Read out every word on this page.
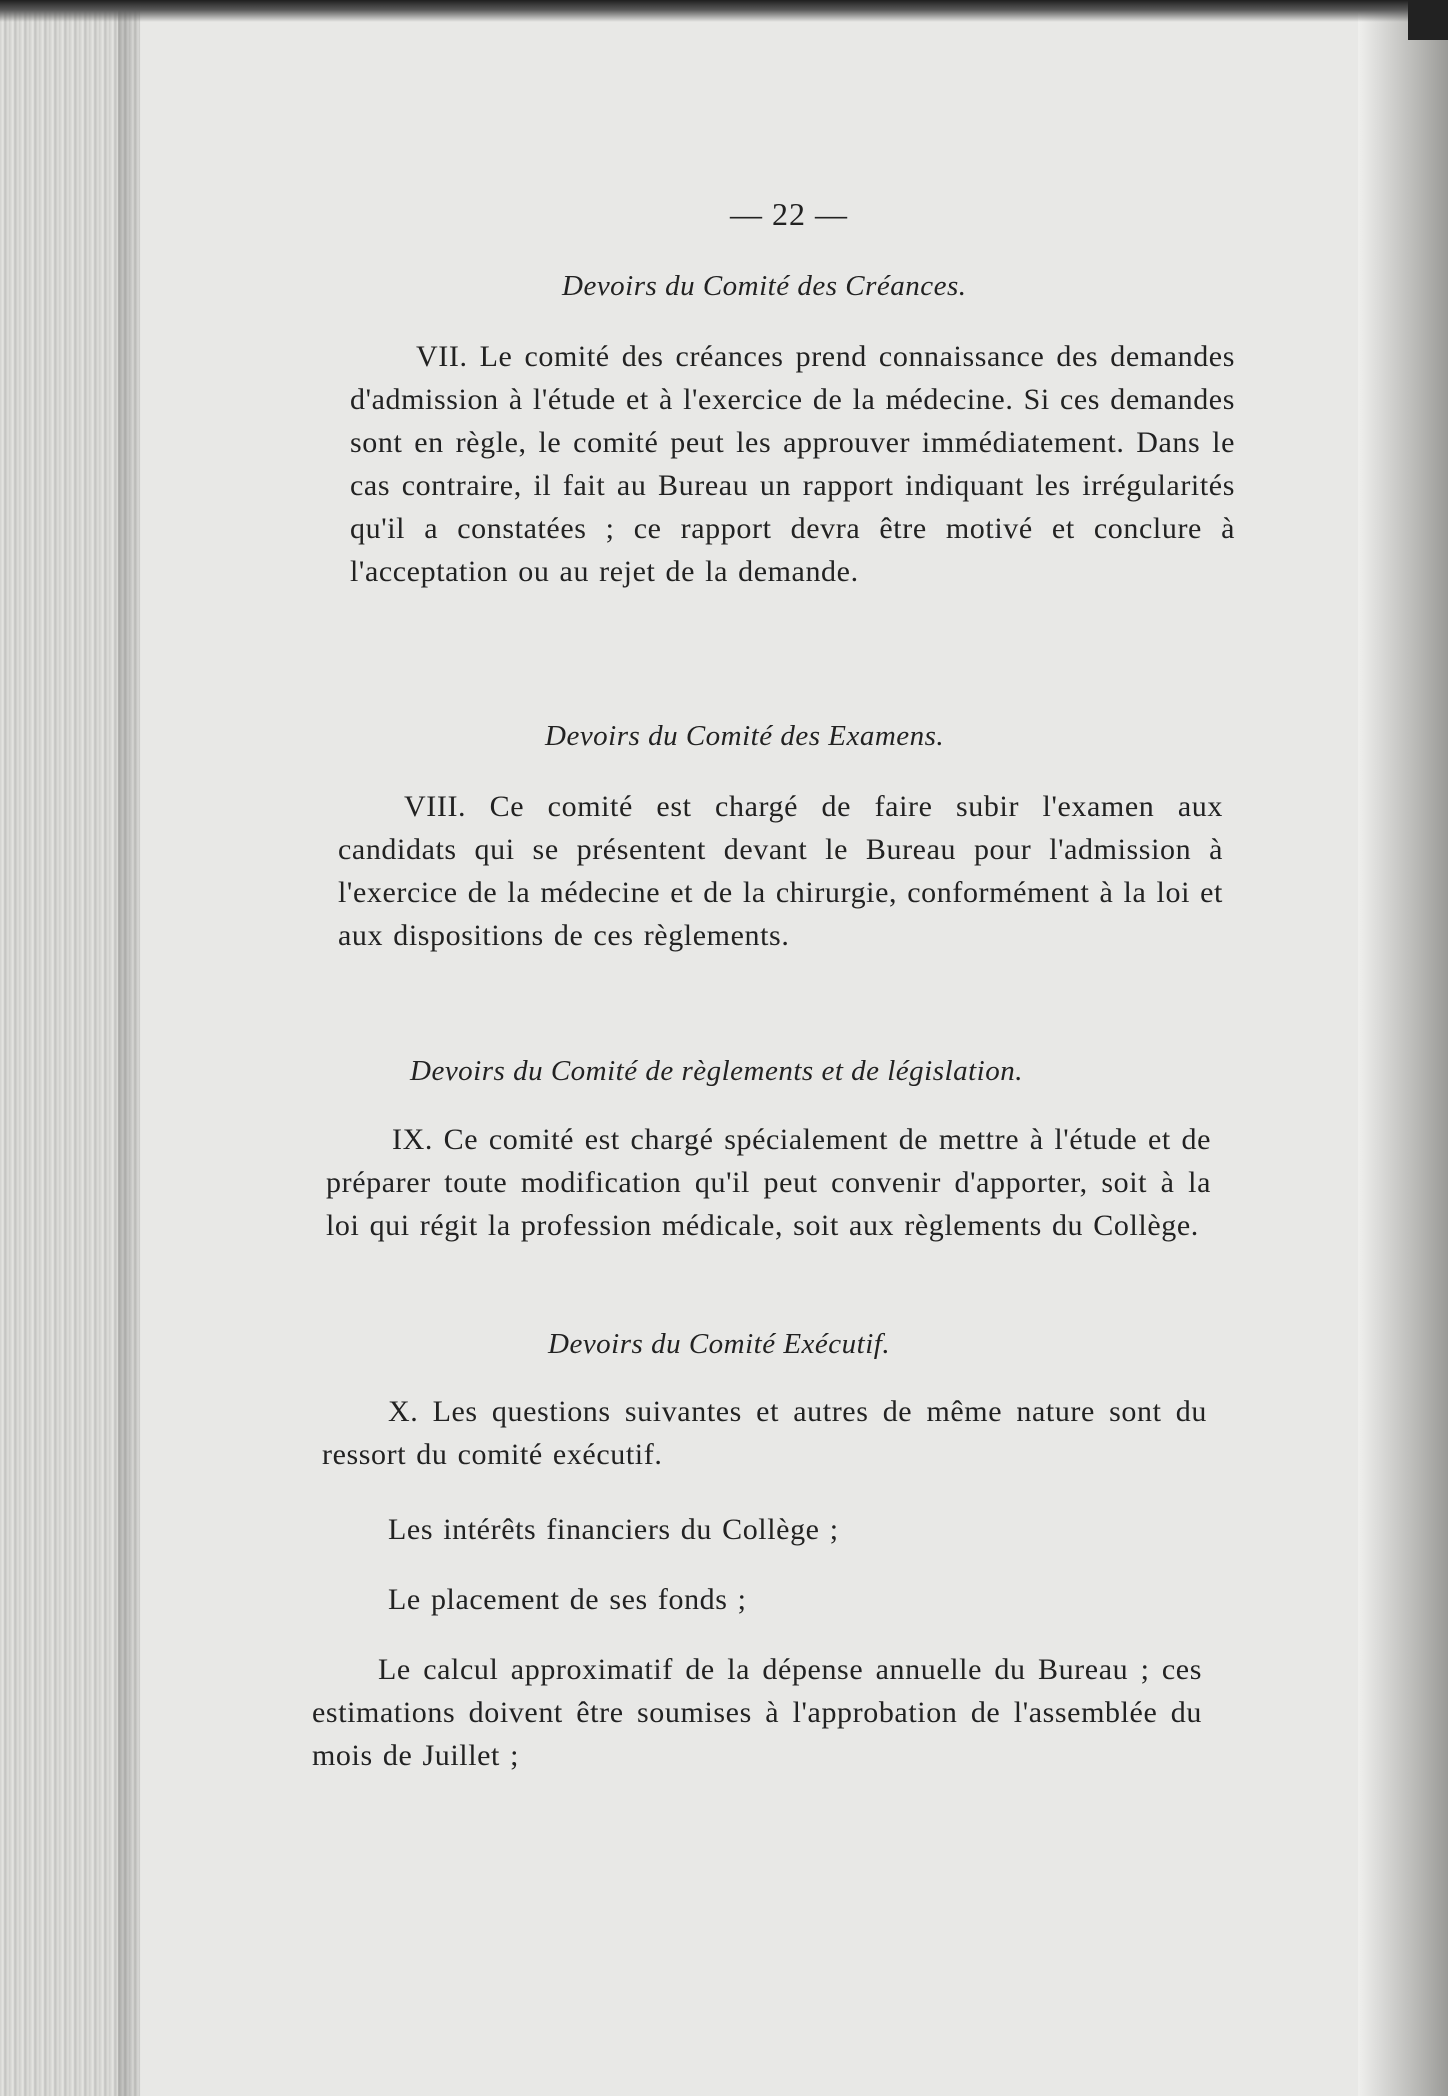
— 22 —
Devoirs du Comité des Créances.
VII. Le comité des créances prend connaissance des demandes d'admission à l'étude et à l'exercice de la médecine. Si ces demandes sont en règle, le comité peut les approuver immédiatement. Dans le cas contraire, il fait au Bureau un rapport indiquant les irrégularités qu'il a constatées ; ce rapport devra être motivé et conclure à l'acceptation ou au rejet de la demande.
Devoirs du Comité des Examens.
VIII. Ce comité est chargé de faire subir l'examen aux candidats qui se présentent devant le Bureau pour l'admission à l'exercice de la médecine et de la chirurgie, conformément à la loi et aux dispositions de ces règlements.
Devoirs du Comité de règlements et de législation.
IX. Ce comité est chargé spécialement de mettre à l'étude et de préparer toute modification qu'il peut convenir d'apporter, soit à la loi qui régit la profession médicale, soit aux règlements du Collège.
Devoirs du Comité Exécutif.
X. Les questions suivantes et autres de même nature sont du ressort du comité exécutif.
Les intérêts financiers du Collège ;
Le placement de ses fonds ;
Le calcul approximatif de la dépense annuelle du Bureau ; ces estimations doivent être soumises à l'approbation de l'assemblée du mois de Juillet ;
